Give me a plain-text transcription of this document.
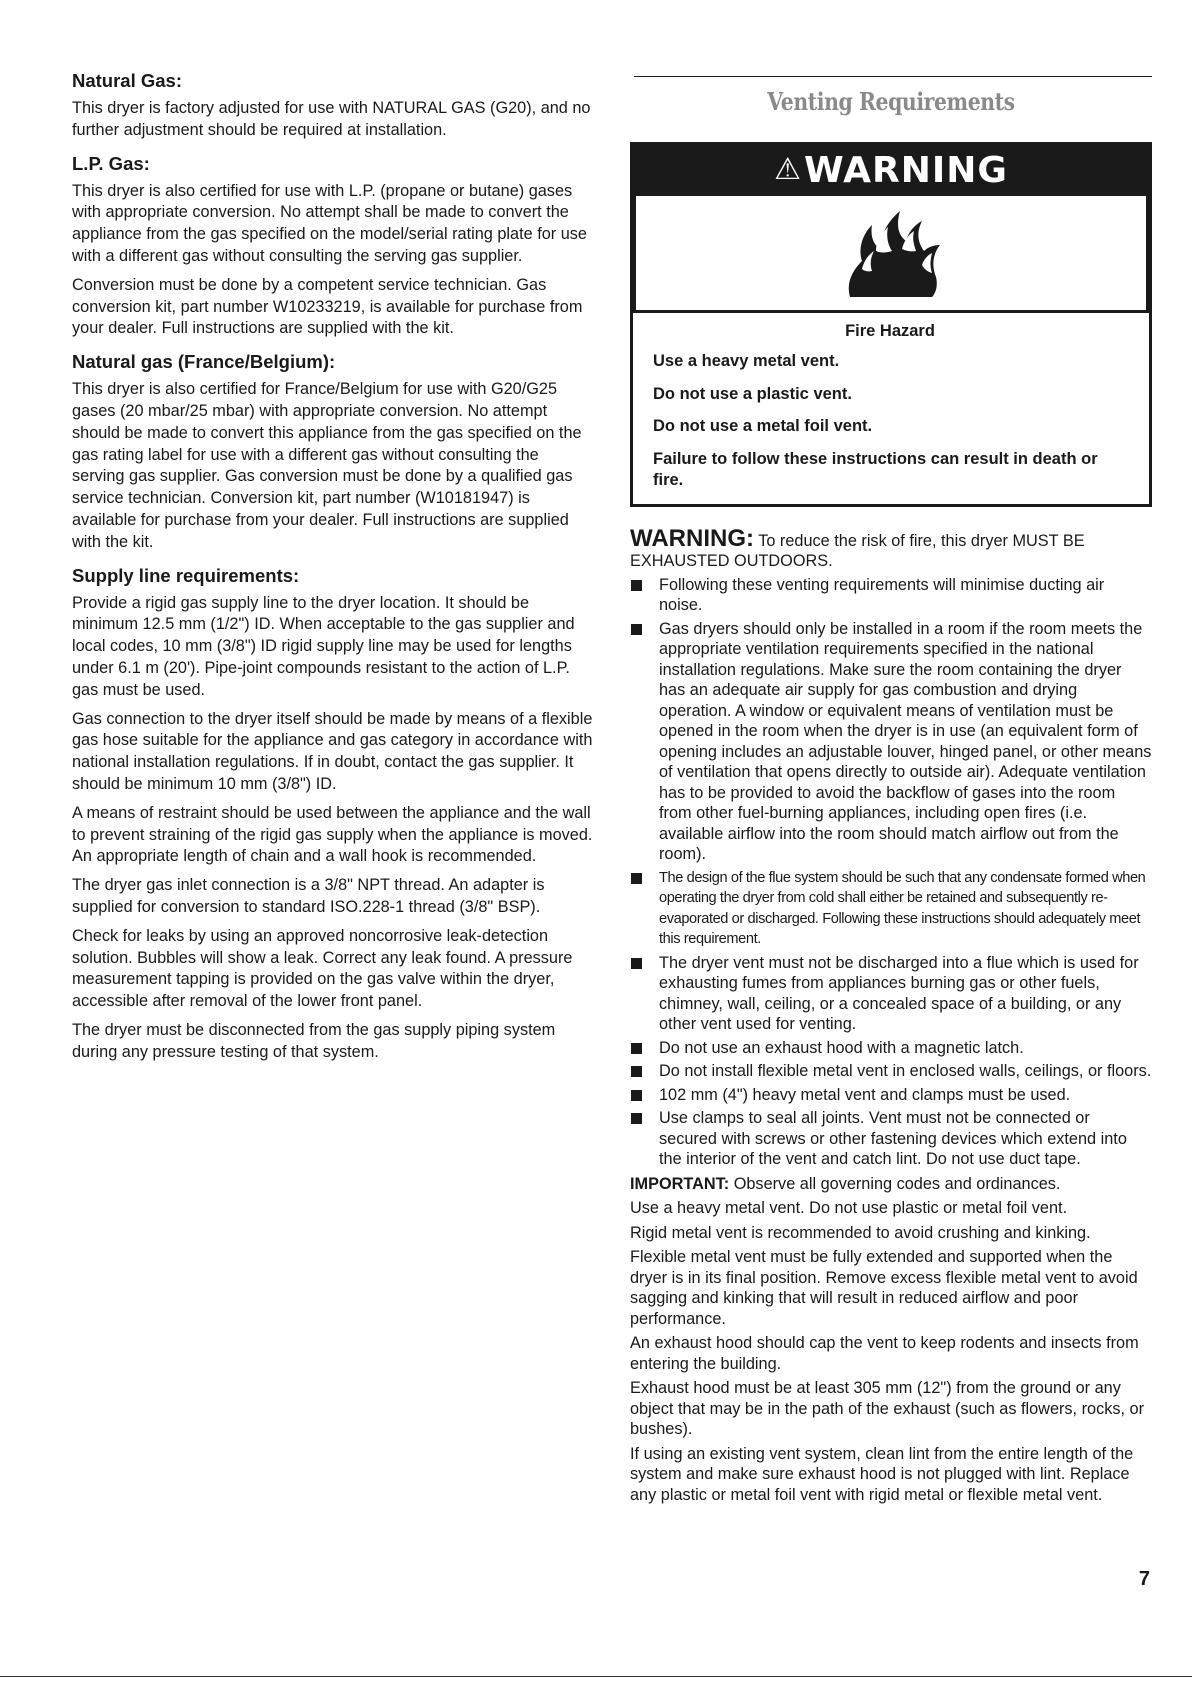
Natural Gas:

This dryer is factory adjusted for use with NATURAL GAS (G20), and no further adjustment should be required at installation.

L.P. Gas:

This dryer is also certified for use with L.P. (propane or butane) gases with appropriate conversion. No attempt shall be made to convert the appliance from the gas specified on the model/serial rating plate for use with a different gas without consulting the serving gas supplier.

Conversion must be done by a competent service technician. Gas conversion kit, part number W10233219, is available for purchase from your dealer. Full instructions are supplied with the kit.

Natural gas (France/Belgium):

This dryer is also certified for France/Belgium for use with G20/G25 gases (20 mbar/25 mbar) with appropriate conversion. No attempt should be made to convert this appliance from the gas specified on the gas rating label for use with a different gas without consulting the serving gas supplier. Gas conversion must be done by a qualified gas service technician. Conversion kit, part number (W10181947) is available for purchase from your dealer. Full instructions are supplied with the kit.

Supply line requirements:

Provide a rigid gas supply line to the dryer location. It should be minimum 12.5 mm (1/2") ID. When acceptable to the gas supplier and local codes, 10 mm (3/8") ID rigid supply line may be used for lengths under 6.1 m (20'). Pipe-joint compounds resistant to the action of L.P. gas must be used.

Gas connection to the dryer itself should be made by means of a flexible gas hose suitable for the appliance and gas category in accordance with national installation regulations. If in doubt, contact the gas supplier. It should be minimum 10 mm (3/8") ID.

A means of restraint should be used between the appliance and the wall to prevent straining of the rigid gas supply when the appliance is moved. An appropriate length of chain and a wall hook is recommended.

The dryer gas inlet connection is a 3/8" NPT thread. An adapter is supplied for conversion to standard ISO.228-1 thread (3/8" BSP).

Check for leaks by using an approved noncorrosive leak-detection solution. Bubbles will show a leak. Correct any leak found. A pressure measurement tapping is provided on the gas valve within the dryer, accessible after removal of the lower front panel.

The dryer must be disconnected from the gas supply piping system during any pressure testing of that system.

Venting Requirements
⚠WARNING
Fire Hazard
Use a heavy metal vent.
Do not use a plastic vent.
Do not use a metal foil vent.
Failure to follow these instructions can result in death or fire.
WARNING: To reduce the risk of fire, this dryer MUST BE EXHAUSTED OUTDOORS.
Following these venting requirements will minimise ducting air noise.
Gas dryers should only be installed in a room if the room meets the appropriate ventilation requirements specified in the national installation regulations. Make sure the room containing the dryer has an adequate air supply for gas combustion and drying operation. A window or equivalent means of ventilation must be opened in the room when the dryer is in use (an equivalent form of opening includes an adjustable louver, hinged panel, or other means of ventilation that opens directly to outside air). Adequate ventilation has to be provided to avoid the backflow of gases into the room from other fuel-burning appliances, including open fires (i.e. available airflow into the room should match airflow out from the room).
The design of the flue system should be such that any condensate formed when operating the dryer from cold shall either be retained and subsequently re-evaporated or discharged. Following these instructions should adequately meet this requirement.
The dryer vent must not be discharged into a flue which is used for exhausting fumes from appliances burning gas or other fuels, chimney, wall, ceiling, or a concealed space of a building, or any other vent used for venting.
Do not use an exhaust hood with a magnetic latch.
Do not install flexible metal vent in enclosed walls, ceilings, or floors.
102 mm (4") heavy metal vent and clamps must be used.
Use clamps to seal all joints. Vent must not be connected or secured with screws or other fastening devices which extend into the interior of the vent and catch lint. Do not use duct tape.

IMPORTANT: Observe all governing codes and ordinances.

Use a heavy metal vent. Do not use plastic or metal foil vent.

Rigid metal vent is recommended to avoid crushing and kinking.

Flexible metal vent must be fully extended and supported when the dryer is in its final position. Remove excess flexible metal vent to avoid sagging and kinking that will result in reduced airflow and poor performance.

An exhaust hood should cap the vent to keep rodents and insects from entering the building.

Exhaust hood must be at least 305 mm (12") from the ground or any object that may be in the path of the exhaust (such as flowers, rocks, or bushes).

If using an existing vent system, clean lint from the entire length of the system and make sure exhaust hood is not plugged with lint. Replace any plastic or metal foil vent with rigid metal or flexible metal vent.

7
